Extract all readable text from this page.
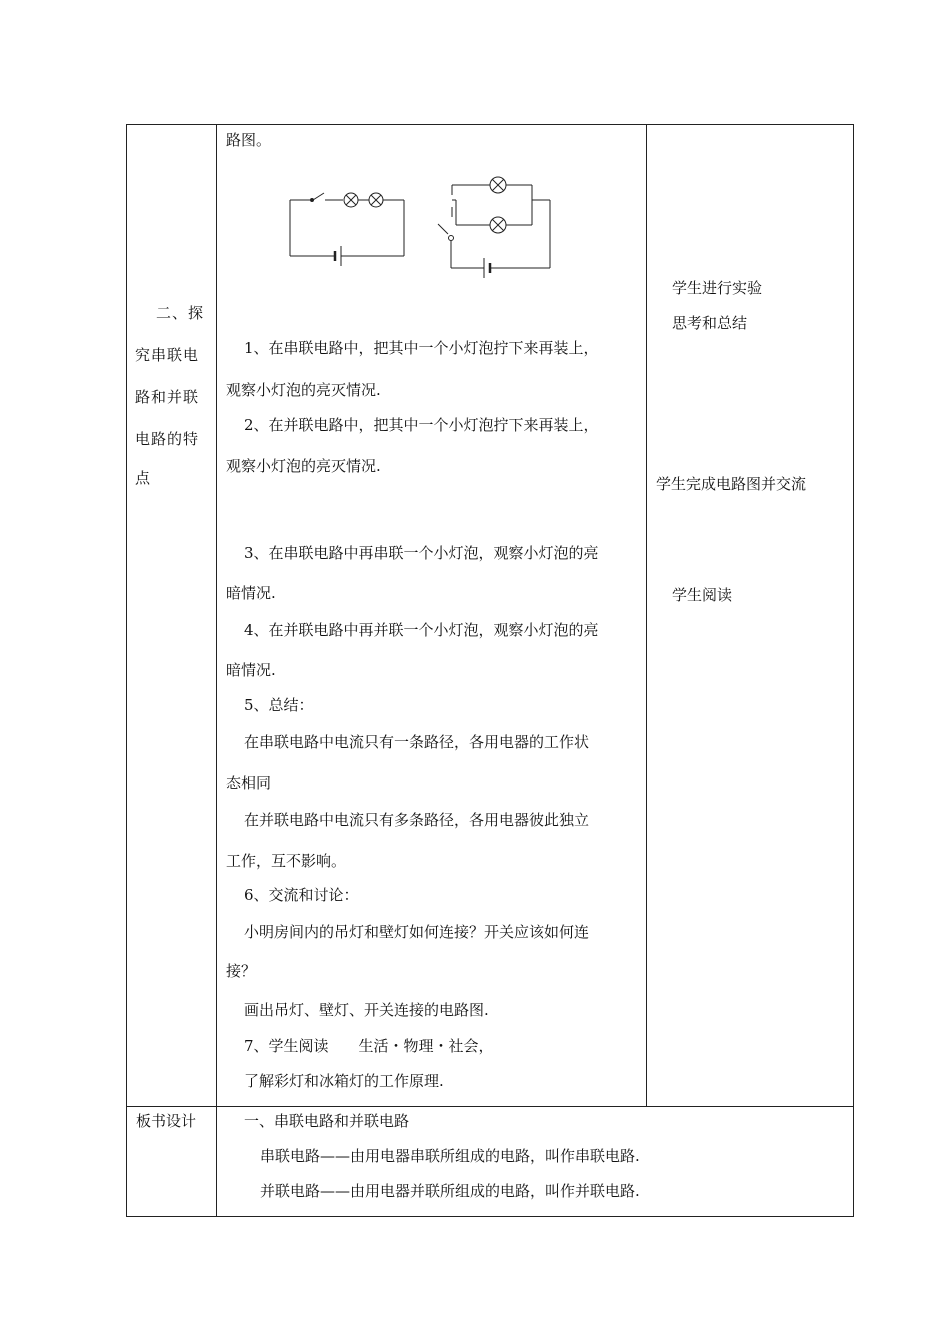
二、探

究串联电

路和并联

电路的特

点

路图。
1、在串联电路中，把其中一个小灯泡拧下来再装上，
观察小灯泡的亮灭情况.
2、在并联电路中，把其中一个小灯泡拧下来再装上，
观察小灯泡的亮灭情况.
3、在串联电路中再串联一个小灯泡，观察小灯泡的亮
暗情况.
4、在并联电路中再并联一个小灯泡，观察小灯泡的亮
暗情况.
5、总结：
在串联电路中电流只有一条路径，各用电器的工作状
态相同
在并联电路中电流只有多条路径，各用电器彼此独立
工作，互不影响。
6、交流和讨论：
小明房间内的吊灯和壁灯如何连接？开关应该如何连
接？
画出吊灯、壁灯、开关连接的电路图.
7、学生阅读　　生活・物理・社会，
了解彩灯和冰箱灯的工作原理.
学生进行实验
思考和总结
学生完成电路图并交流
学生阅读
板书设计	一、串联电路和并联电路
串联电路——由用电器串联所组成的电路，叫作串联电路.
并联电路——由用电器并联所组成的电路，叫作并联电路.
